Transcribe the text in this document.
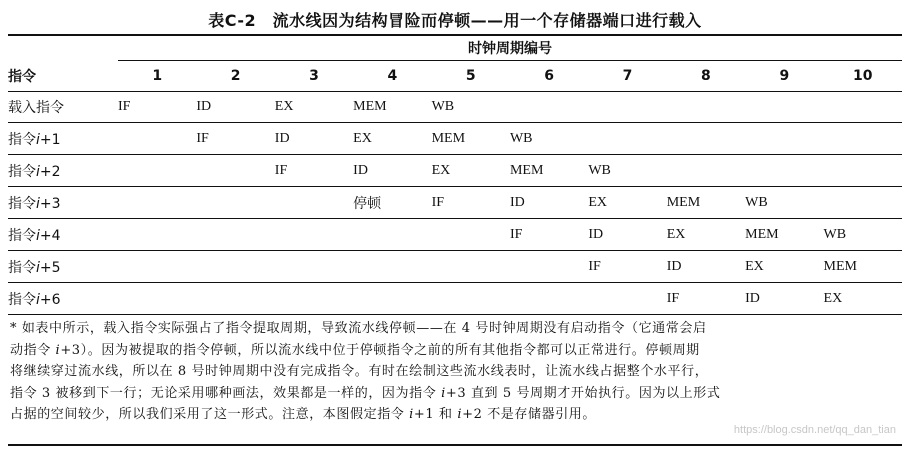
表C-2　流水线因为结构冒险而停顿——用一个存储器端口进行载入
	时钟周期编号									
指令	1	2	3	4	5	6	7	8	9	10
载入指令	IF	ID	EX	MEM	WB					
指令i+1		IF	ID	EX	MEM	WB				
指令i+2			IF	ID	EX	MEM	WB			
指令i+3				停顿	IF	ID	EX	MEM	WB	
指令i+4						IF	ID	EX	MEM	WB
指令i+5							IF	ID	EX	MEM
指令i+6								IF	ID	EX
* 如表中所示，载入指令实际强占了指令提取周期，导致流水线停顿——在 4 号时钟周期没有启动指令（它通常会启
动指令 i+3）。因为被提取的指令停顿，所以流水线中位于停顿指令之前的所有其他指令都可以正常进行。停顿周期
将继续穿过流水线，所以在 8 号时钟周期中没有完成指令。有时在绘制这些流水线表时，让流水线占据整个水平行，
指令 3 被移到下一行；无论采用哪种画法，效果都是一样的，因为指令 i+3 直到 5 号周期才开始执行。因为以上形式
占据的空间较少，所以我们采用了这一形式。注意，本图假定指令 i+1 和 i+2 不是存储器引用。
https://blog.csdn.net/qq_dan_tian
